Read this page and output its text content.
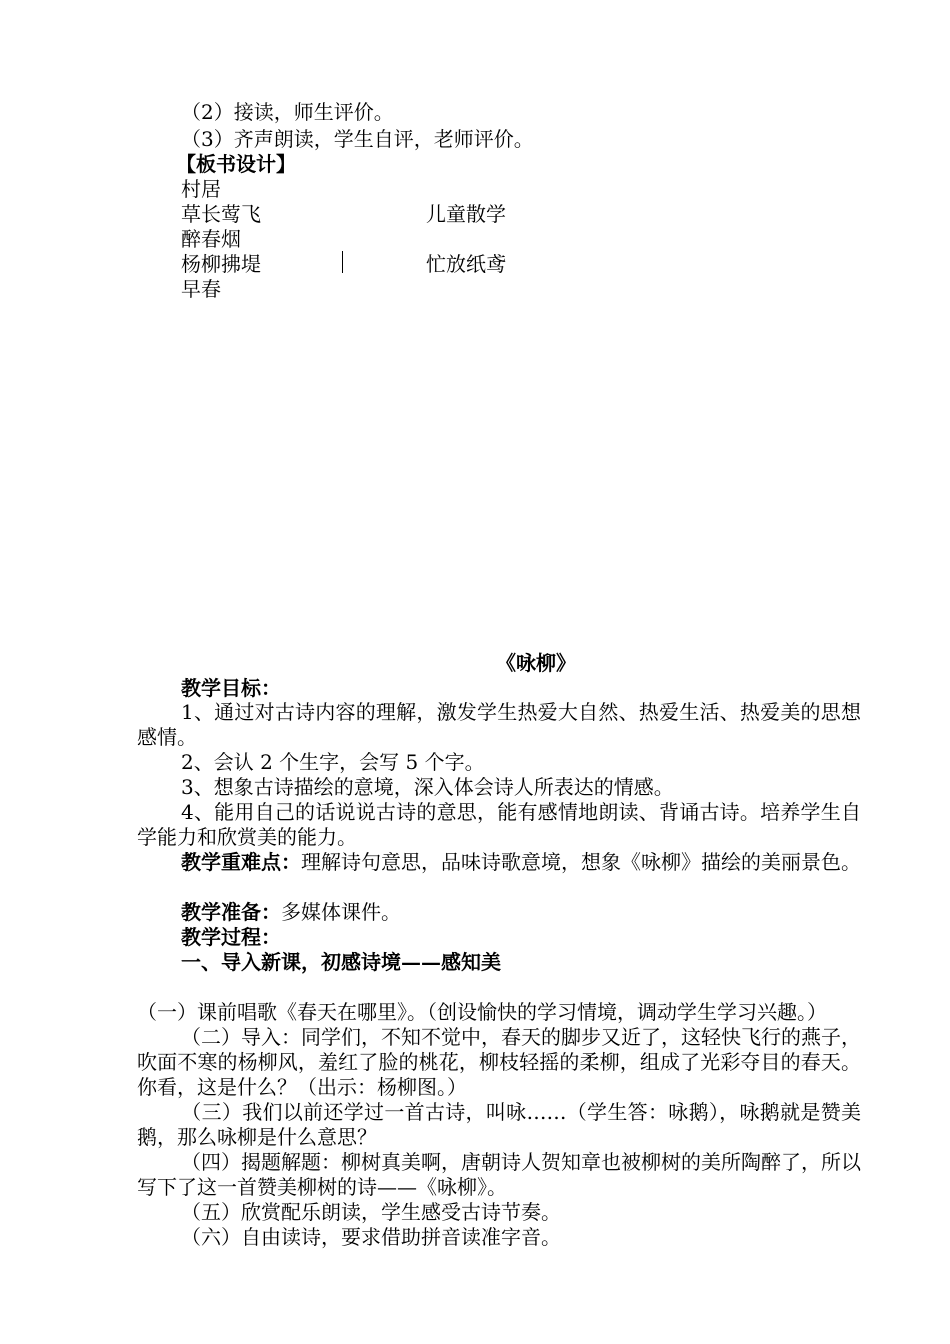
（2）接读，师生评价。
（3）齐声朗读，学生自评，老师评价。
【板书设计】
村居
草长莺飞	儿童散学
醉春烟
杨柳拂堤	忙放纸鸢
早春
《咏柳》
教学目标：
1、通过对古诗内容的理解，激发学生热爱大自然、热爱生活、热爱美的思想感情。
2、会认 2 个生字，会写 5 个字。
3、想象古诗描绘的意境，深入体会诗人所表达的情感。
4、能用自己的话说说古诗的意思，能有感情地朗读、背诵古诗。培养学生自学能力和欣赏美的能力。
教学重难点：理解诗句意思，品味诗歌意境，想象《咏柳》描绘的美丽景色。
教学准备：多媒体课件。
教学过程：
一、导入新课，初感诗境——感知美
（一）课前唱歌《春天在哪里》。（创设愉快的学习情境，调动学生学习兴趣。）
（二）导入：同学们，不知不觉中，春天的脚步又近了，这轻快飞行的燕子，吹面不寒的杨柳风，羞红了脸的桃花，柳枝轻摇的柔柳，组成了光彩夺目的春天。你看，这是什么？（出示：杨柳图。）
（三）我们以前还学过一首古诗，叫咏……（学生答：咏鹅），咏鹅就是赞美鹅，那么咏柳是什么意思？
（四）揭题解题：柳树真美啊，唐朝诗人贺知章也被柳树的美所陶醉了，所以写下了这一首赞美柳树的诗——《咏柳》。
（五）欣赏配乐朗读，学生感受古诗节奏。
（六）自由读诗，要求借助拼音读准字音。
